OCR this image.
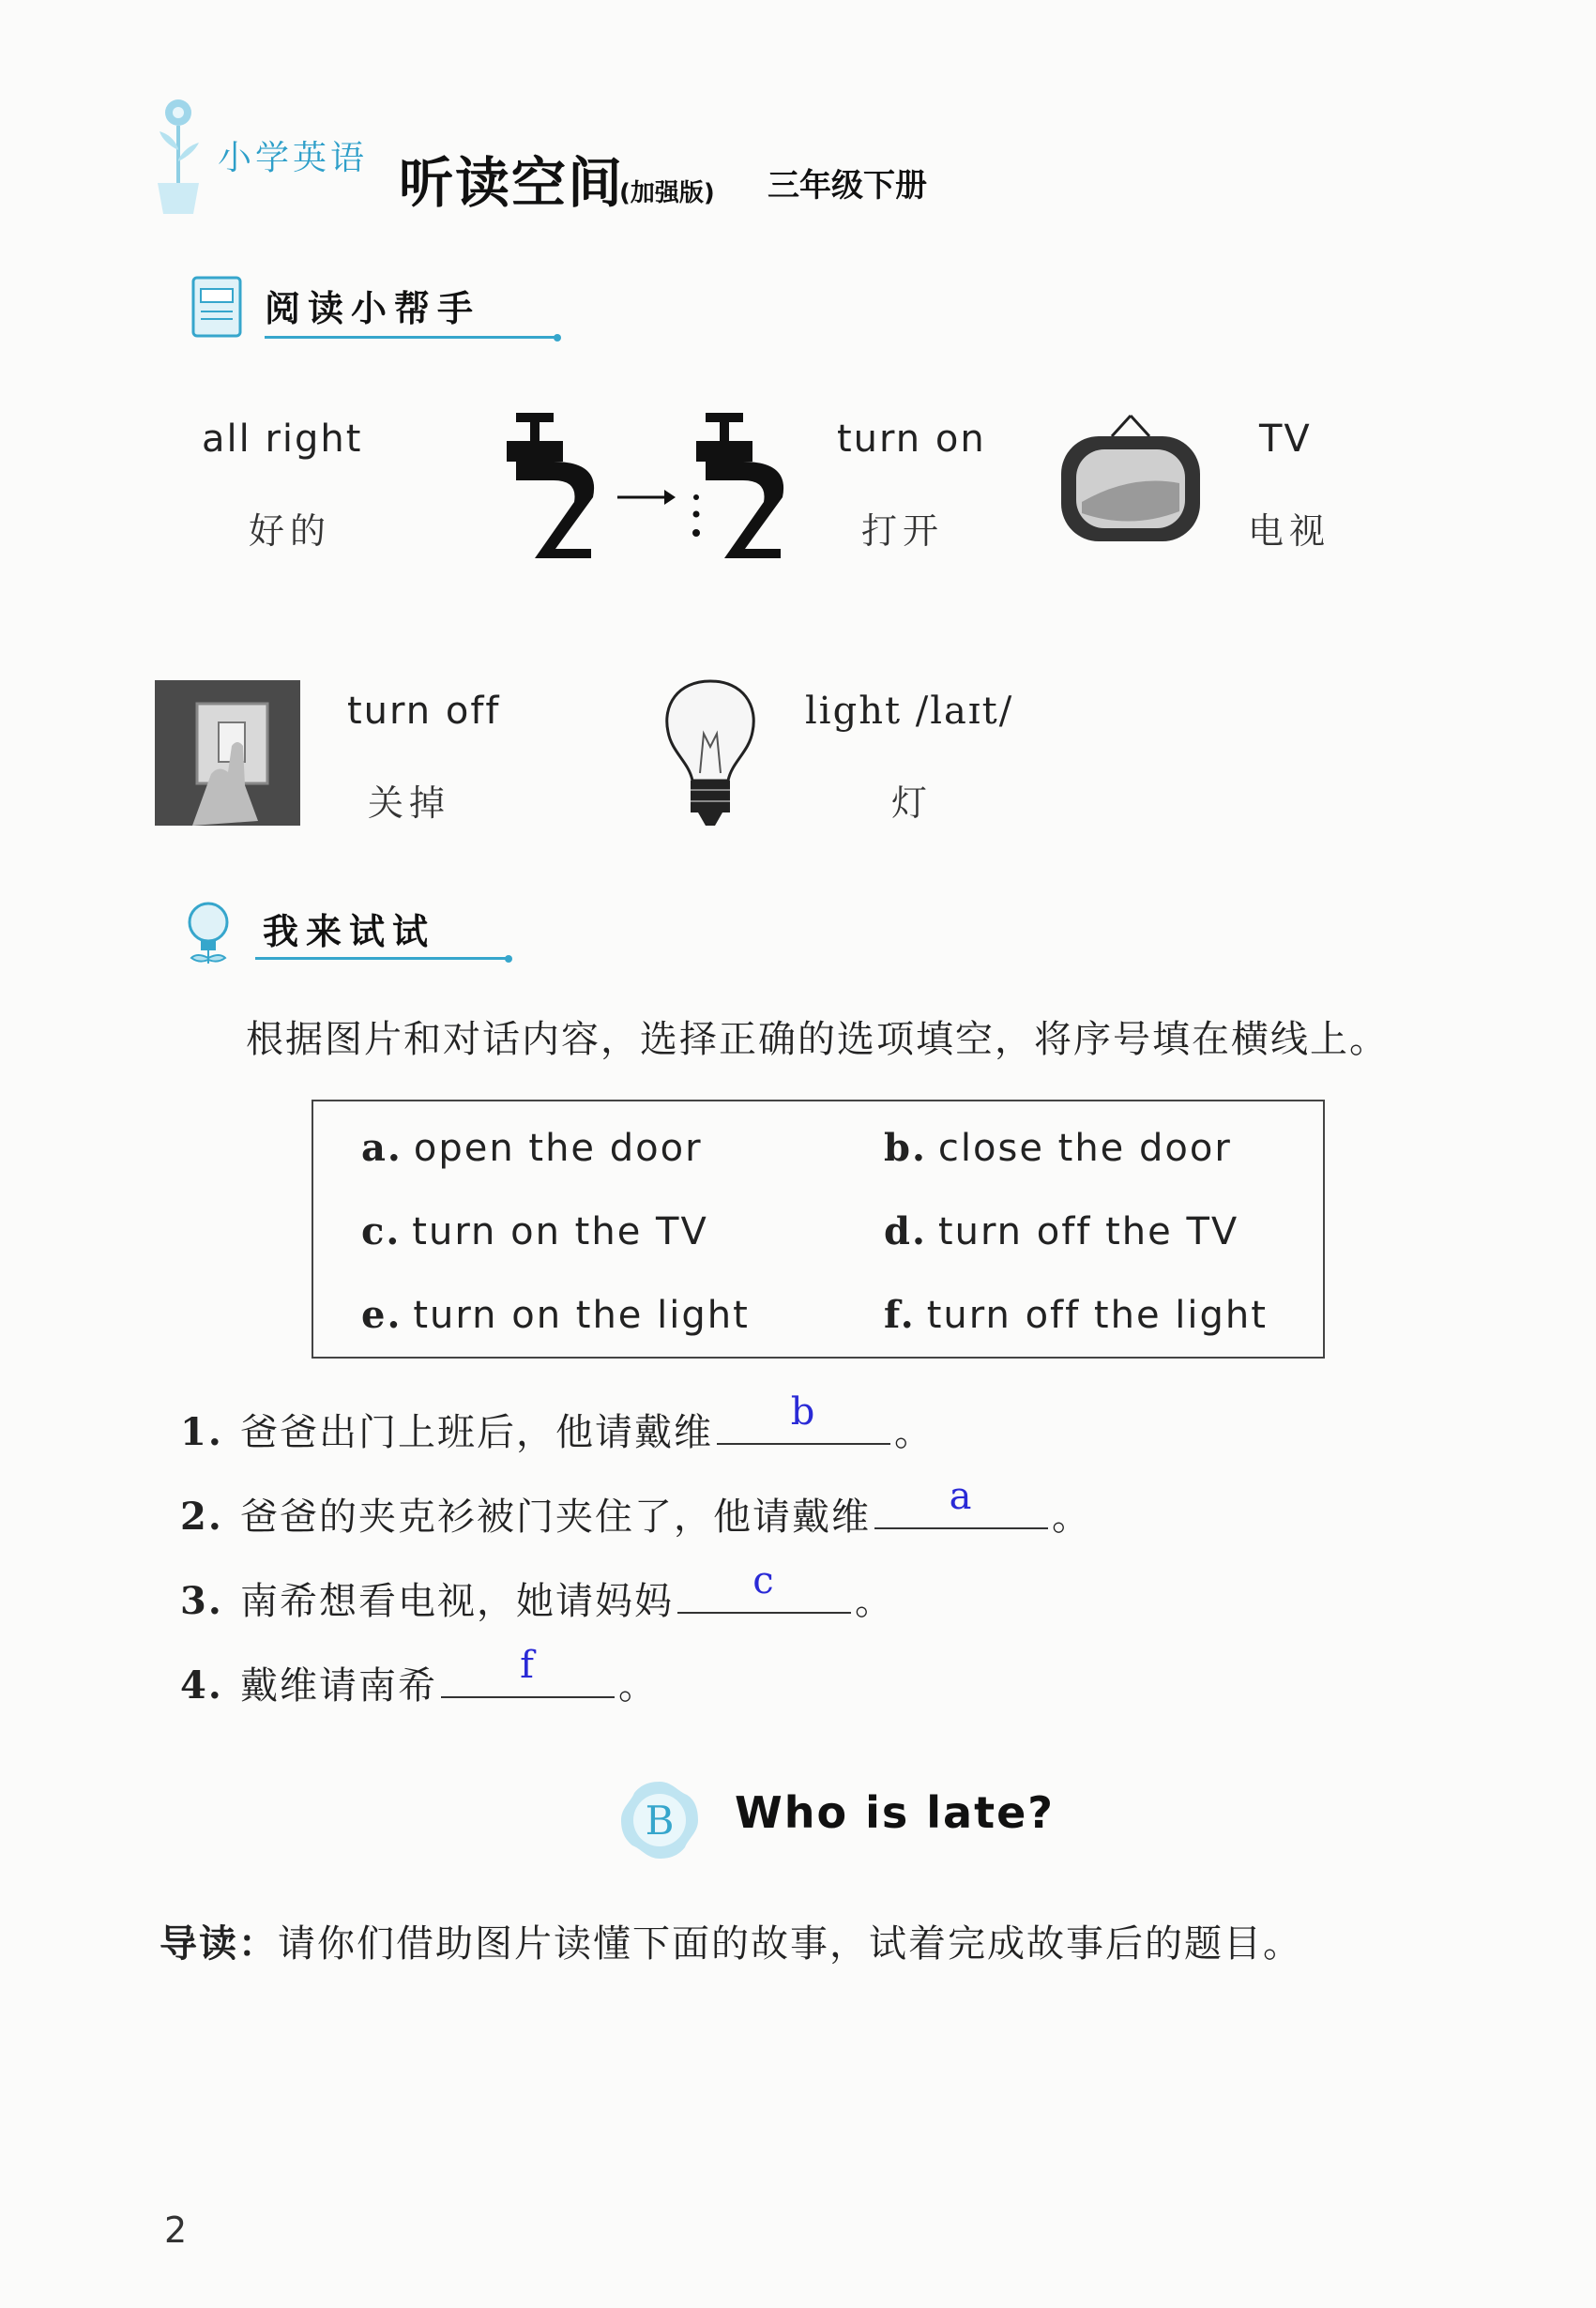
小学英语 听读空间
(加强版) 三年级下册
阅读小帮手
all right
好的
turn on
打开
TV
电视
turn off
关掉
light /laɪt/
灯
我来试试
根据图片和对话内容，选择正确的选项填空，将序号填在横线上。
a. open the door	b. close the door
c. turn on the TV	d. turn off the TV
e. turn on the light	f. turn off the light
1. 爸爸出门上班后，他请戴维	b	。
2. 爸爸的夹克衫被门夹住了，他请戴维	a	。
3. 南希想看电视，她请妈妈	c	。
4. 戴维请南希	f	。
B Who is late?
导读：请你们借助图片读懂下面的故事，试着完成故事后的题目。
2
